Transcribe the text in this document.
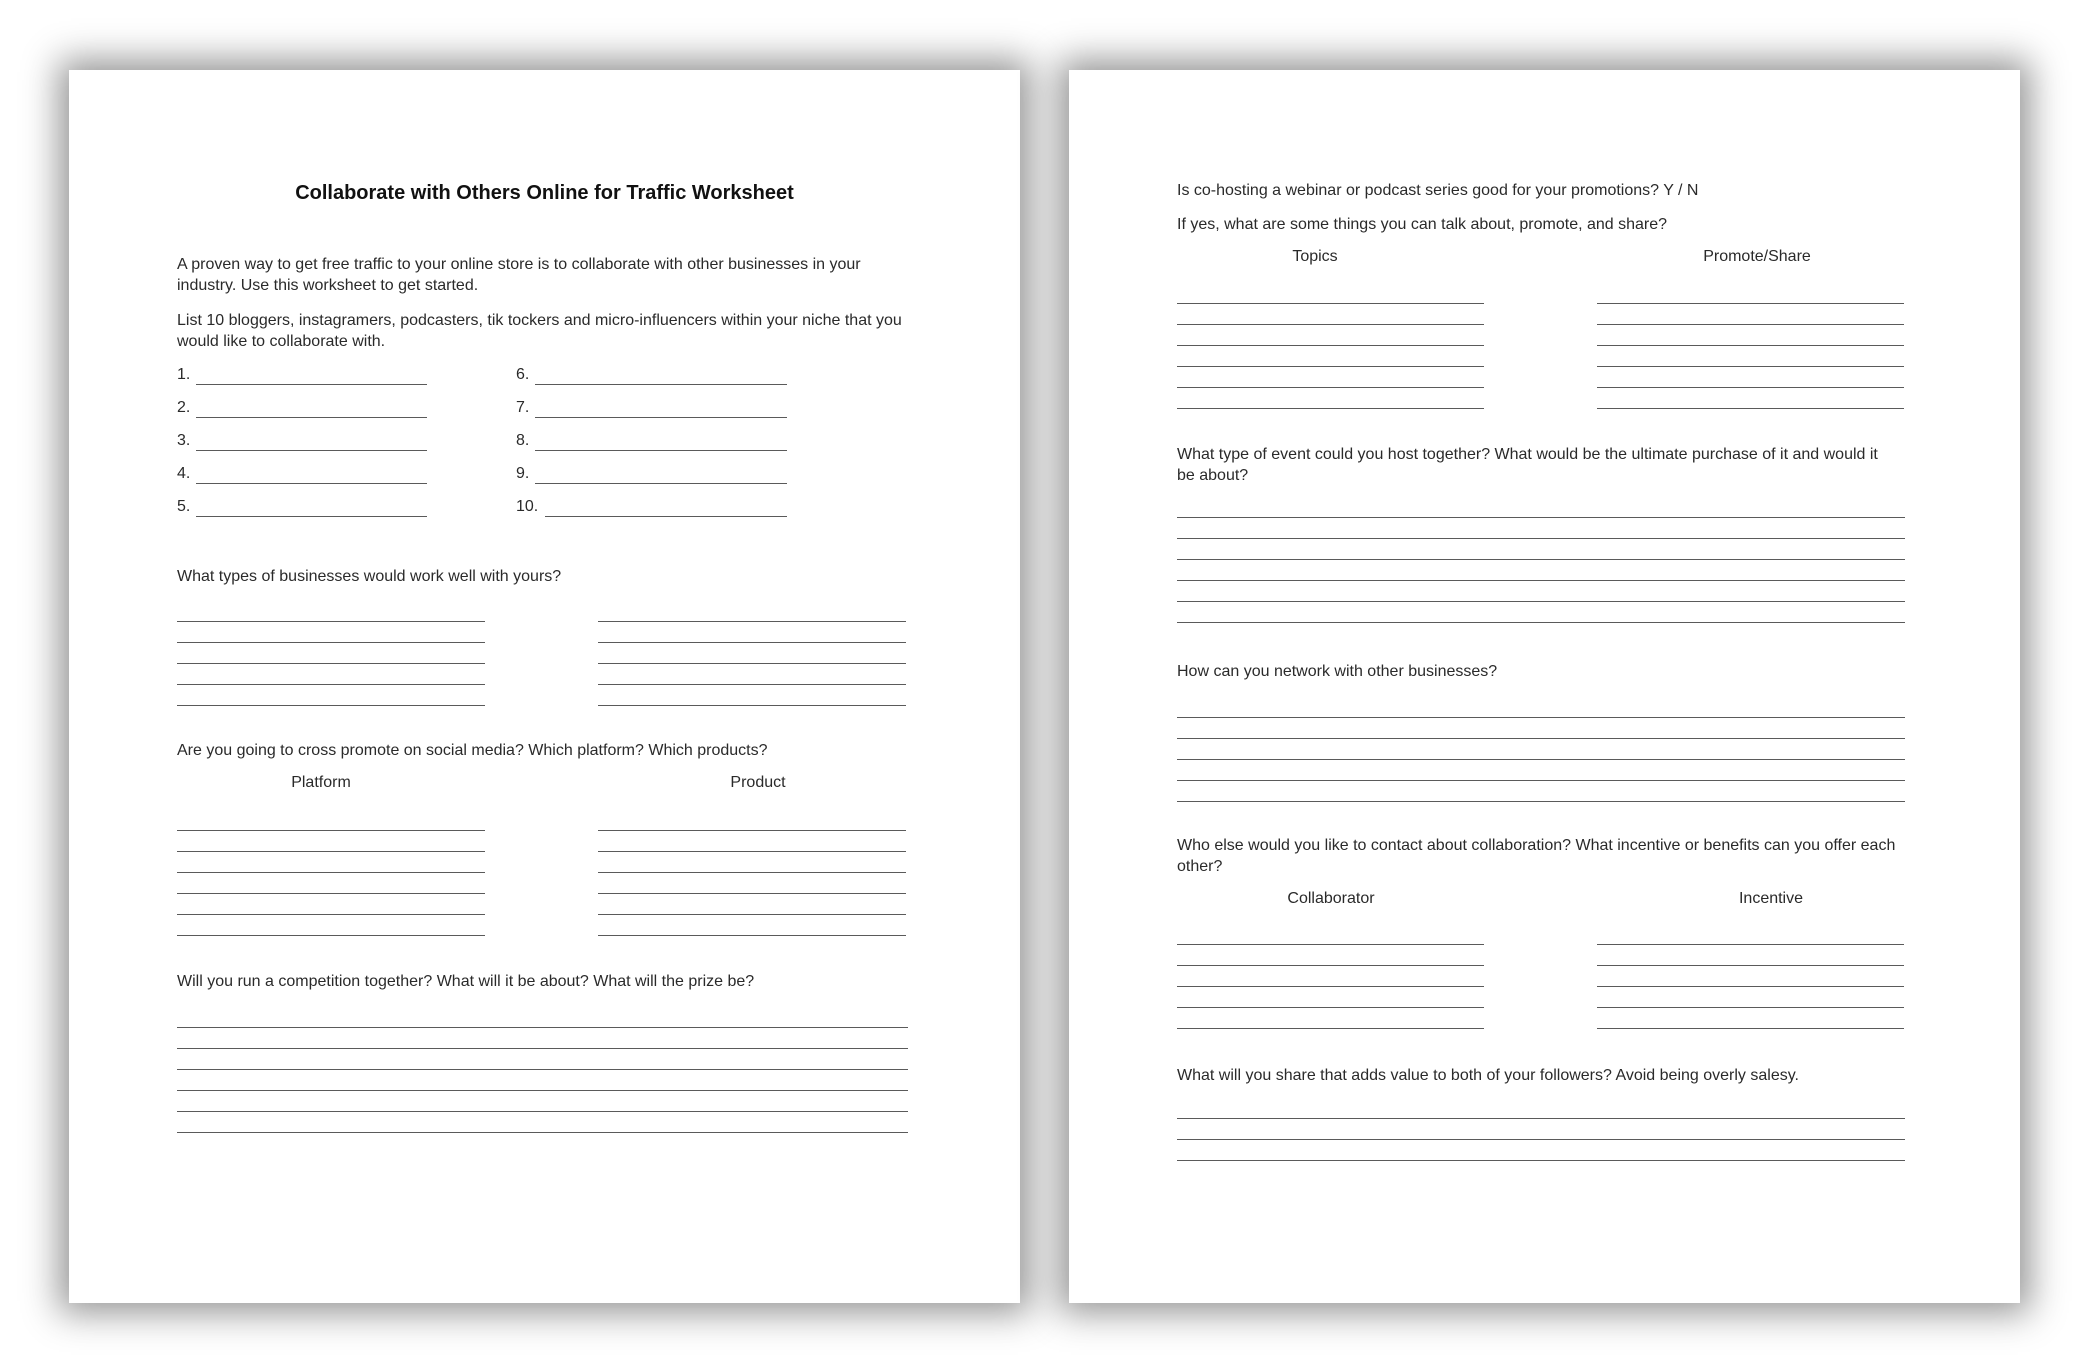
Collaborate with Others Online for Traffic Worksheet
A proven way to get free traffic to your online store is to collaborate with other businesses in your industry. Use this worksheet to get started.
List 10 bloggers, instagramers, podcasters, tik tockers and micro-influencers within your niche that you would like to collaborate with.
1.
2.
3.
4.
5.
6.
7.
8.
9.
10.
What types of businesses would work well with yours?
Are you going to cross promote on social media? Which platform? Which products?
Platform	Product
Will you run a competition together? What will it be about? What will the prize be?
Is co-hosting a webinar or podcast series good for your promotions? Y / N
If yes, what are some things you can talk about, promote, and share?
Topics	Promote/Share
What type of event could you host together? What would be the ultimate purchase of it and would it be about?
How can you network with other businesses?
Who else would you like to contact about collaboration? What incentive or benefits can you offer each other?
Collaborator	Incentive
What will you share that adds value to both of your followers? Avoid being overly salesy.
